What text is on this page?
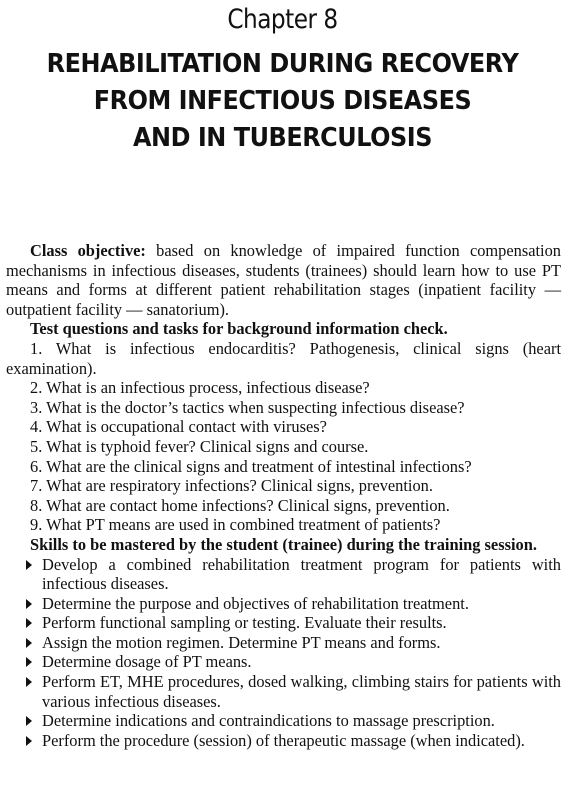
Chapter 8
REHABILITATION DURING RECOVERY
FROM INFECTIOUS DISEASES
AND IN TUBERCULOSIS

Class objective: based on knowledge of impaired function compensation mechanisms in infectious diseases, students (trainees) should learn how to use PT means and forms at different patient rehabilitation stages (inpatient facility — outpatient facility — sanatorium).

Test questions and tasks for background information check.

1. What is infectious endocarditis? Pathogenesis, clinical signs (heart examination).

2. What is an infectious process, infectious disease?

3. What is the doctor’s tactics when suspecting infectious disease?

4. What is occupational contact with viruses?

5. What is typhoid fever? Clinical signs and course.

6. What are the clinical signs and treatment of intestinal infections?

7. What are respiratory infections? Clinical signs, prevention.

8. What are contact home infections? Clinical signs, prevention.

9. What PT means are used in combined treatment of patients?

Skills to be mastered by the student (trainee) during the training session.

Develop a combined rehabilitation treatment program for patients with infectious diseases.

Determine the purpose and objectives of rehabilitation treatment.

Perform functional sampling or testing. Evaluate their results.

Assign the motion regimen. Determine PT means and forms.

Determine dosage of PT means.

Perform ET, MHE procedures, dosed walking, climbing stairs for patients with various infectious diseases.

Determine indications and contraindications to massage prescription.

Perform the procedure (session) of therapeutic massage (when indicated).
